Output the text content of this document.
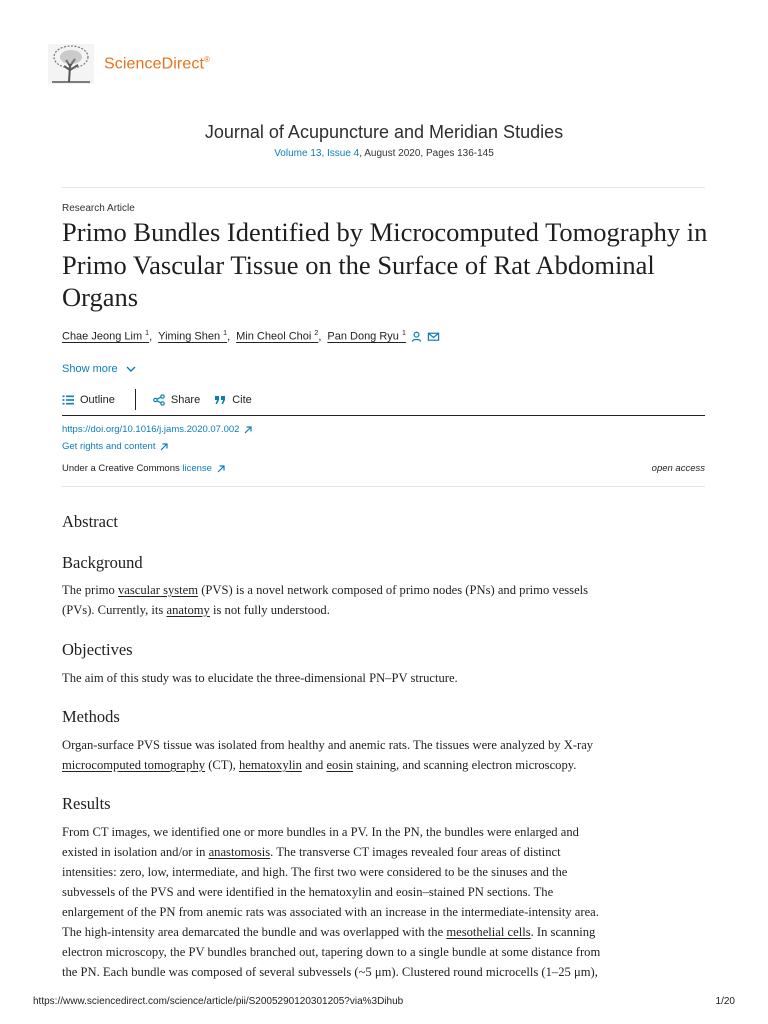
ScienceDirect®
Journal of Acupuncture and Meridian Studies
Volume 13, Issue 4, August 2020, Pages 136-145
Research Article
Primo Bundles Identified by Microcomputed Tomography in Primo Vascular Tissue on the Surface of Rat Abdominal Organs
Chae Jeong Lim $^1$ , Yiming Shen $^1$ , Min Cheol Choi $^2$ , Pan Dong Ryu $^1$
Show more
Outline	Share	Cite
https://doi.org/10.1016/j.jams.2020.07.002
Get rights and content
Under a Creative Commons license	open access
Abstract
Background

The primo vascular system (PVS) is a novel network composed of primo nodes (PNs) and primo vessels
(PVs). Currently, its anatomy is not fully understood.

Objectives

The aim of this study was to elucidate the three-dimensional PN–PV structure.

Methods

Organ-surface PVS tissue was isolated from healthy and anemic rats. The tissues were analyzed by X-ray
microcomputed tomography (CT), hematoxylin and eosin staining, and scanning electron microscopy.

Results

From CT images, we identified one or more bundles in a PV. In the PN, the bundles were enlarged and
existed in isolation and/or in anastomosis. The transverse CT images revealed four areas of distinct
intensities: zero, low, intermediate, and high. The first two were considered to be the sinuses and the
subvessels of the PVS and were identified in the hematoxylin and eosin–stained PN sections. The
enlargement of the PN from anemic rats was associated with an increase in the intermediate-intensity area.
The high-intensity area demarcated the bundle and was overlapped with the mesothelial cells. In scanning
electron microscopy, the PV bundles branched out, tapering down to a single bundle at some distance from
the PN. Each bundle was composed of several subvessels (~5 μm). Clustered round microcells (1–25 μm),

https://www.sciencedirect.com/science/article/pii/S2005290120301205?via%3Dihub	1/20
